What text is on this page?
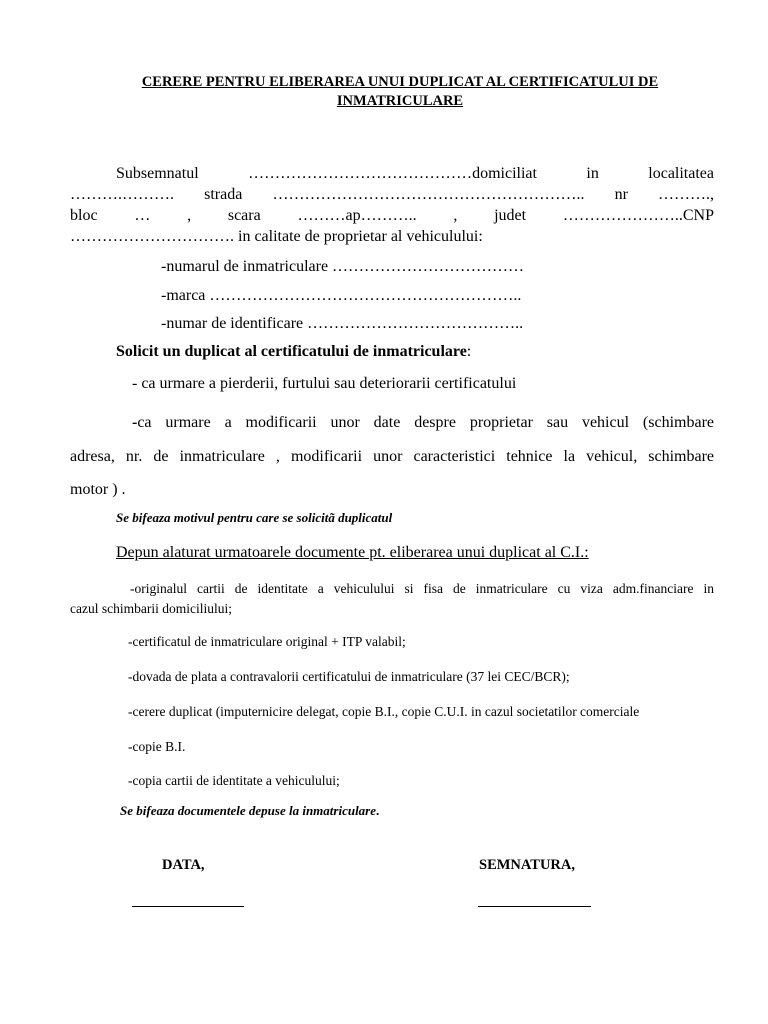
CERERE PENTRU ELIBERAREA UNUI DUPLICAT AL CERTIFICATULUI DE
INMATRICULARE
Subsemnatul	……………………………………domiciliat	in	localitatea
……….………. strada ………………………………………………….. nr ……….,
bloc … , scara ………ap……….. , judet …………………..CNP
…………………………. in calitate de proprietar al vehiculului:
-numarul de inmatriculare ………………………………
-marca …………………………………………………..
-numar de identificare …………………………………..
Solicit un duplicat al certificatului de inmatriculare:
- ca urmare a pierderii, furtului sau deteriorarii certificatului
-ca urmare a modificarii unor date despre proprietar sau vehicul (schimbare
adresa, nr. de inmatriculare , modificarii unor caracteristici tehnice la vehicul, schimbare
motor ) .
Se bifeaza motivul pentru care se solicitã duplicatul
Depun alaturat urmatoarele documente pt. eliberarea unui duplicat al C.I.:
-originalul cartii de identitate a vehiculului si fisa de inmatriculare cu viza adm.financiare in
cazul schimbarii domiciliului;
-certificatul de inmatriculare original + ITP valabil;
-dovada de plata a contravalorii certificatului de inmatriculare (37 lei CEC/BCR);
-cerere duplicat (imputernicire delegat, copie B.I., copie C.U.I. in cazul societatilor comerciale
-copie B.I.
-copia cartii de identitate a vehiculului;
Se bifeaza documentele depuse la inmatriculare.
DATA,	SEMNATURA,
